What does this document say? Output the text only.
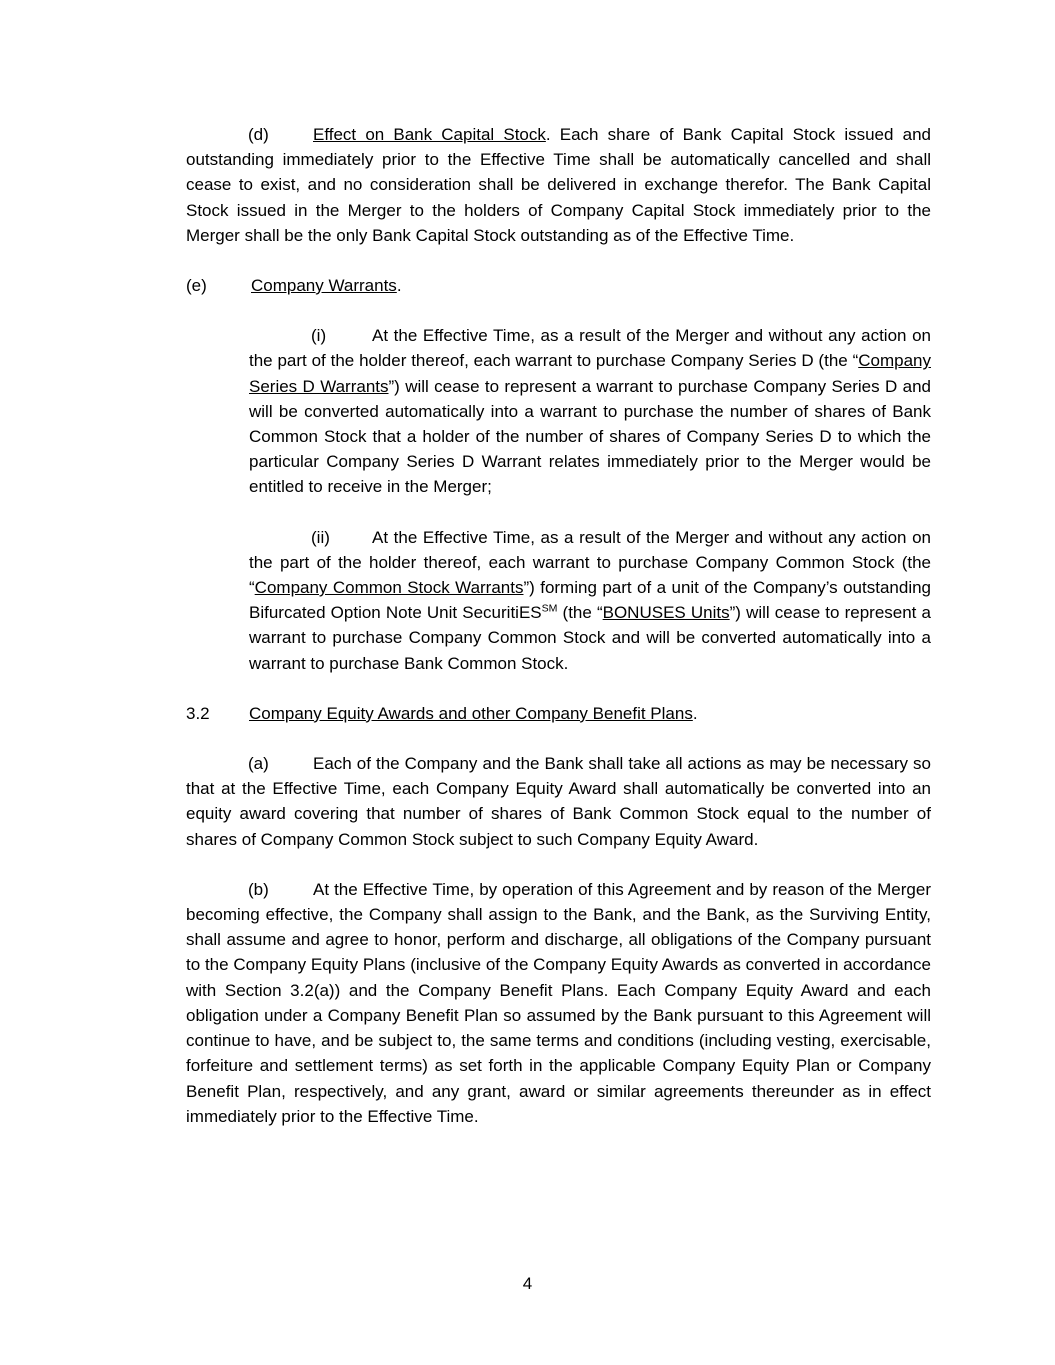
(d)	Effect on Bank Capital Stock. Each share of Bank Capital Stock issued and outstanding immediately prior to the Effective Time shall be automatically cancelled and shall cease to exist, and no consideration shall be delivered in exchange therefor. The Bank Capital Stock issued in the Merger to the holders of Company Capital Stock immediately prior to the Merger shall be the only Bank Capital Stock outstanding as of the Effective Time.
(e)	Company Warrants.
(i)	At the Effective Time, as a result of the Merger and without any action on the part of the holder thereof, each warrant to purchase Company Series D (the “Company Series D Warrants”) will cease to represent a warrant to purchase Company Series D and will be converted automatically into a warrant to purchase the number of shares of Bank Common Stock that a holder of the number of shares of Company Series D to which the particular Company Series D Warrant relates immediately prior to the Merger would be entitled to receive in the Merger;
(ii) At the Effective Time, as a result of the Merger and without any action on the part of the holder thereof, each warrant to purchase Company Common Stock (the “Company Common Stock Warrants”) forming part of a unit of the Company’s outstanding Bifurcated Option Note Unit SecuritiES℠ (the “BONUSES Units”) will cease to represent a warrant to purchase Company Common Stock and will be converted automatically into a warrant to purchase Bank Common Stock.
3.2 Company Equity Awards and other Company Benefit Plans.
(a)	Each of the Company and the Bank shall take all actions as may be necessary so that at the Effective Time, each Company Equity Award shall automatically be converted into an equity award covering that number of shares of Bank Common Stock equal to the number of shares of Company Common Stock subject to such Company Equity Award.
(b)	At the Effective Time, by operation of this Agreement and by reason of the Merger becoming effective, the Company shall assign to the Bank, and the Bank, as the Surviving Entity, shall assume and agree to honor, perform and discharge, all obligations of the Company pursuant to the Company Equity Plans (inclusive of the Company Equity Awards as converted in accordance with Section 3.2(a)) and the Company Benefit Plans. Each Company Equity Award and each obligation under a Company Benefit Plan so assumed by the Bank pursuant to this Agreement will continue to have, and be subject to, the same terms and conditions (including vesting, exercisable, forfeiture and settlement terms) as set forth in the applicable Company Equity Plan or Company Benefit Plan, respectively, and any grant, award or similar agreements thereunder as in effect immediately prior to the Effective Time.
4
